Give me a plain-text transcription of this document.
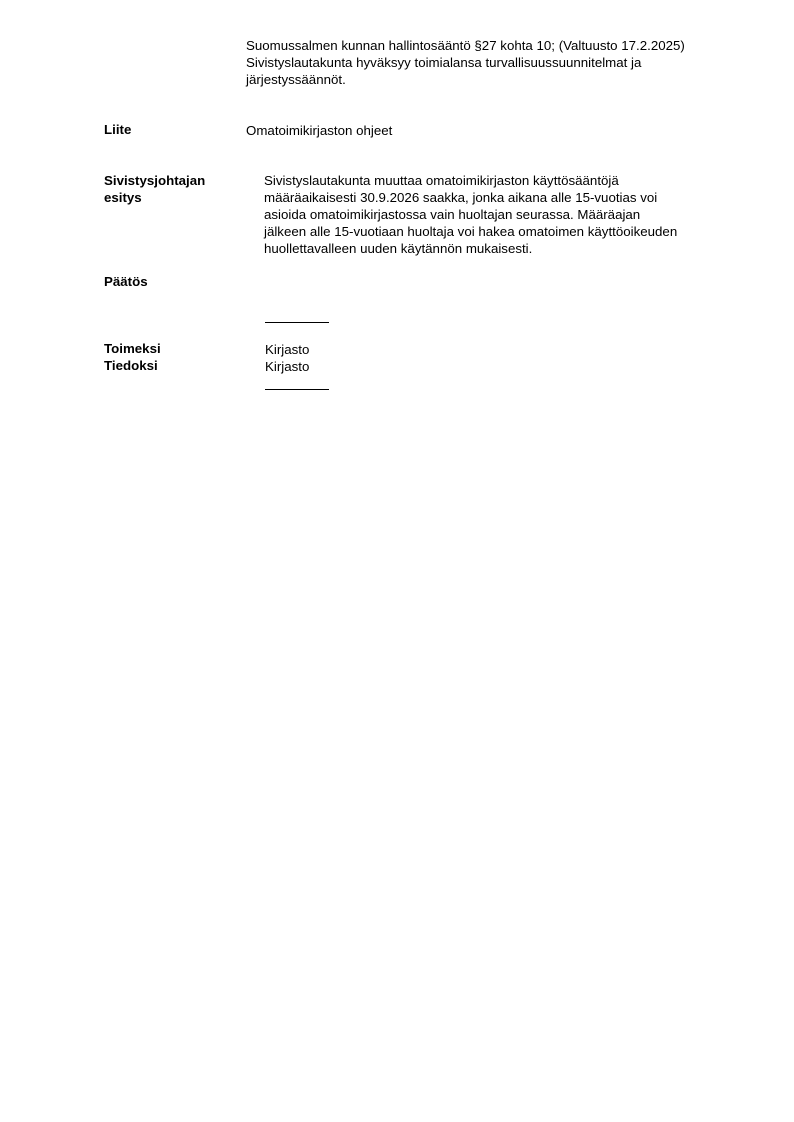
Suomussalmen kunnan hallintosääntö §27 kohta 10; (Valtuusto 17.2.2025)
Sivistyslautakunta hyväksyy toimialansa turvallisuussuunnitelmat ja
järjestyssäännöt.
Liite	Omatoimikirjaston ohjeet
Sivistysjohtajan
esitys
Sivistyslautakunta muuttaa omatoimikirjaston käyttösääntöjä
määräaikaisesti 30.9.2026 saakka, jonka aikana alle 15-vuotias voi
asioida omatoimikirjastossa vain huoltajan seurassa. Määräajan
jälkeen alle 15-vuotiaan huoltaja voi hakea omatoimen käyttöoikeuden
huollettavalleen uuden käytännön mukaisesti.
Päätös
Toimeksi	Kirjasto
Tiedoksi	Kirjasto
